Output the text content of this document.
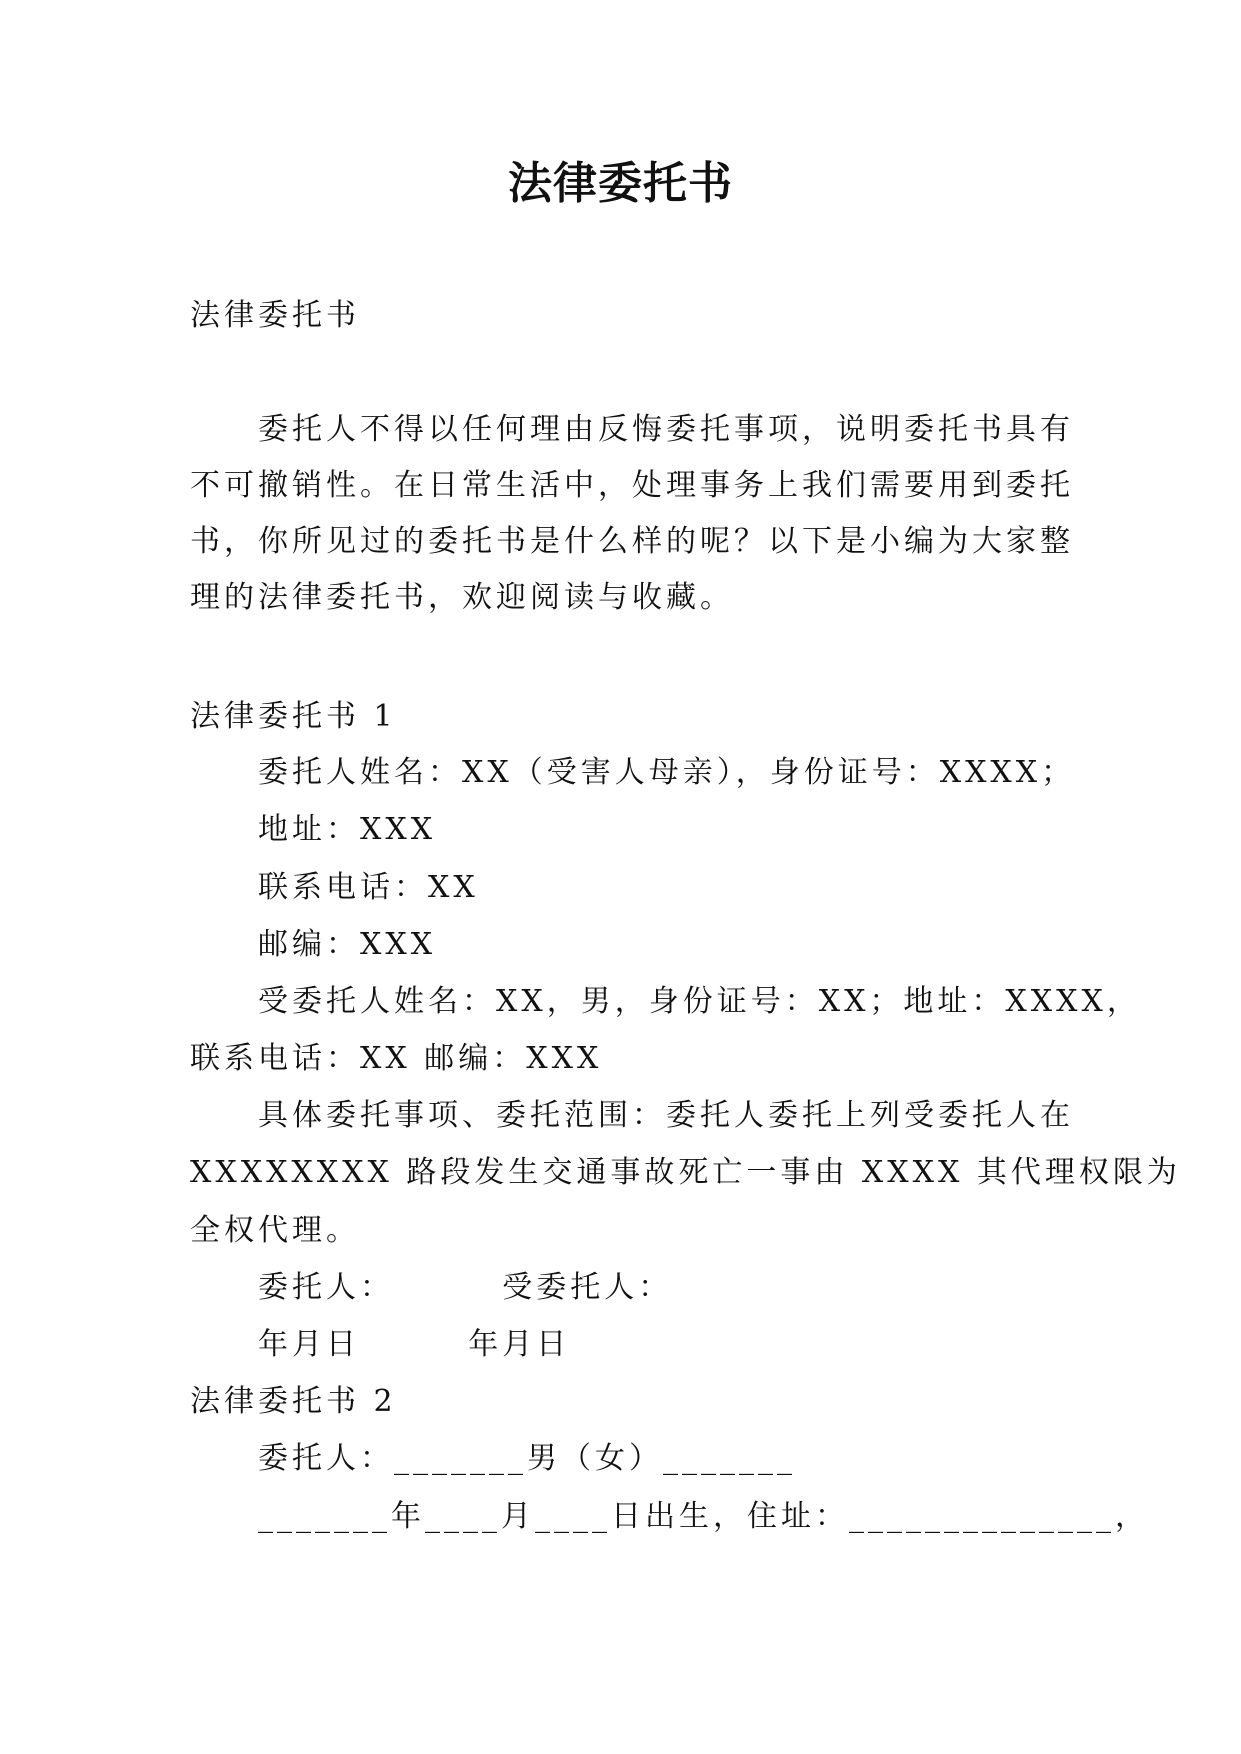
法律委托书
法律委托书
委托人不得以任何理由反悔委托事项，说明委托书具有
不可撤销性。在日常生活中，处理事务上我们需要用到委托
书，你所见过的委托书是什么样的呢？以下是小编为大家整
理的法律委托书，欢迎阅读与收藏。
法律委托书 1
委托人姓名：XX（受害人母亲），身份证号：XXXX；
地址：XXX
联系电话：XX
邮编：XXX
受委托人姓名：XX，男，身份证号：XX；地址：XXXX，
联系电话：XX 邮编：XXX
具体委托事项、委托范围：委托人委托上列受委托人在
XXXXXXXX 路段发生交通事故死亡一事由 XXXX 其代理权限为
全权代理。
委托人：        受委托人：
年月日        年月日
法律委托书 2
委托人：_______男（女）_______
_______年____月____日出生，住址：______________，
